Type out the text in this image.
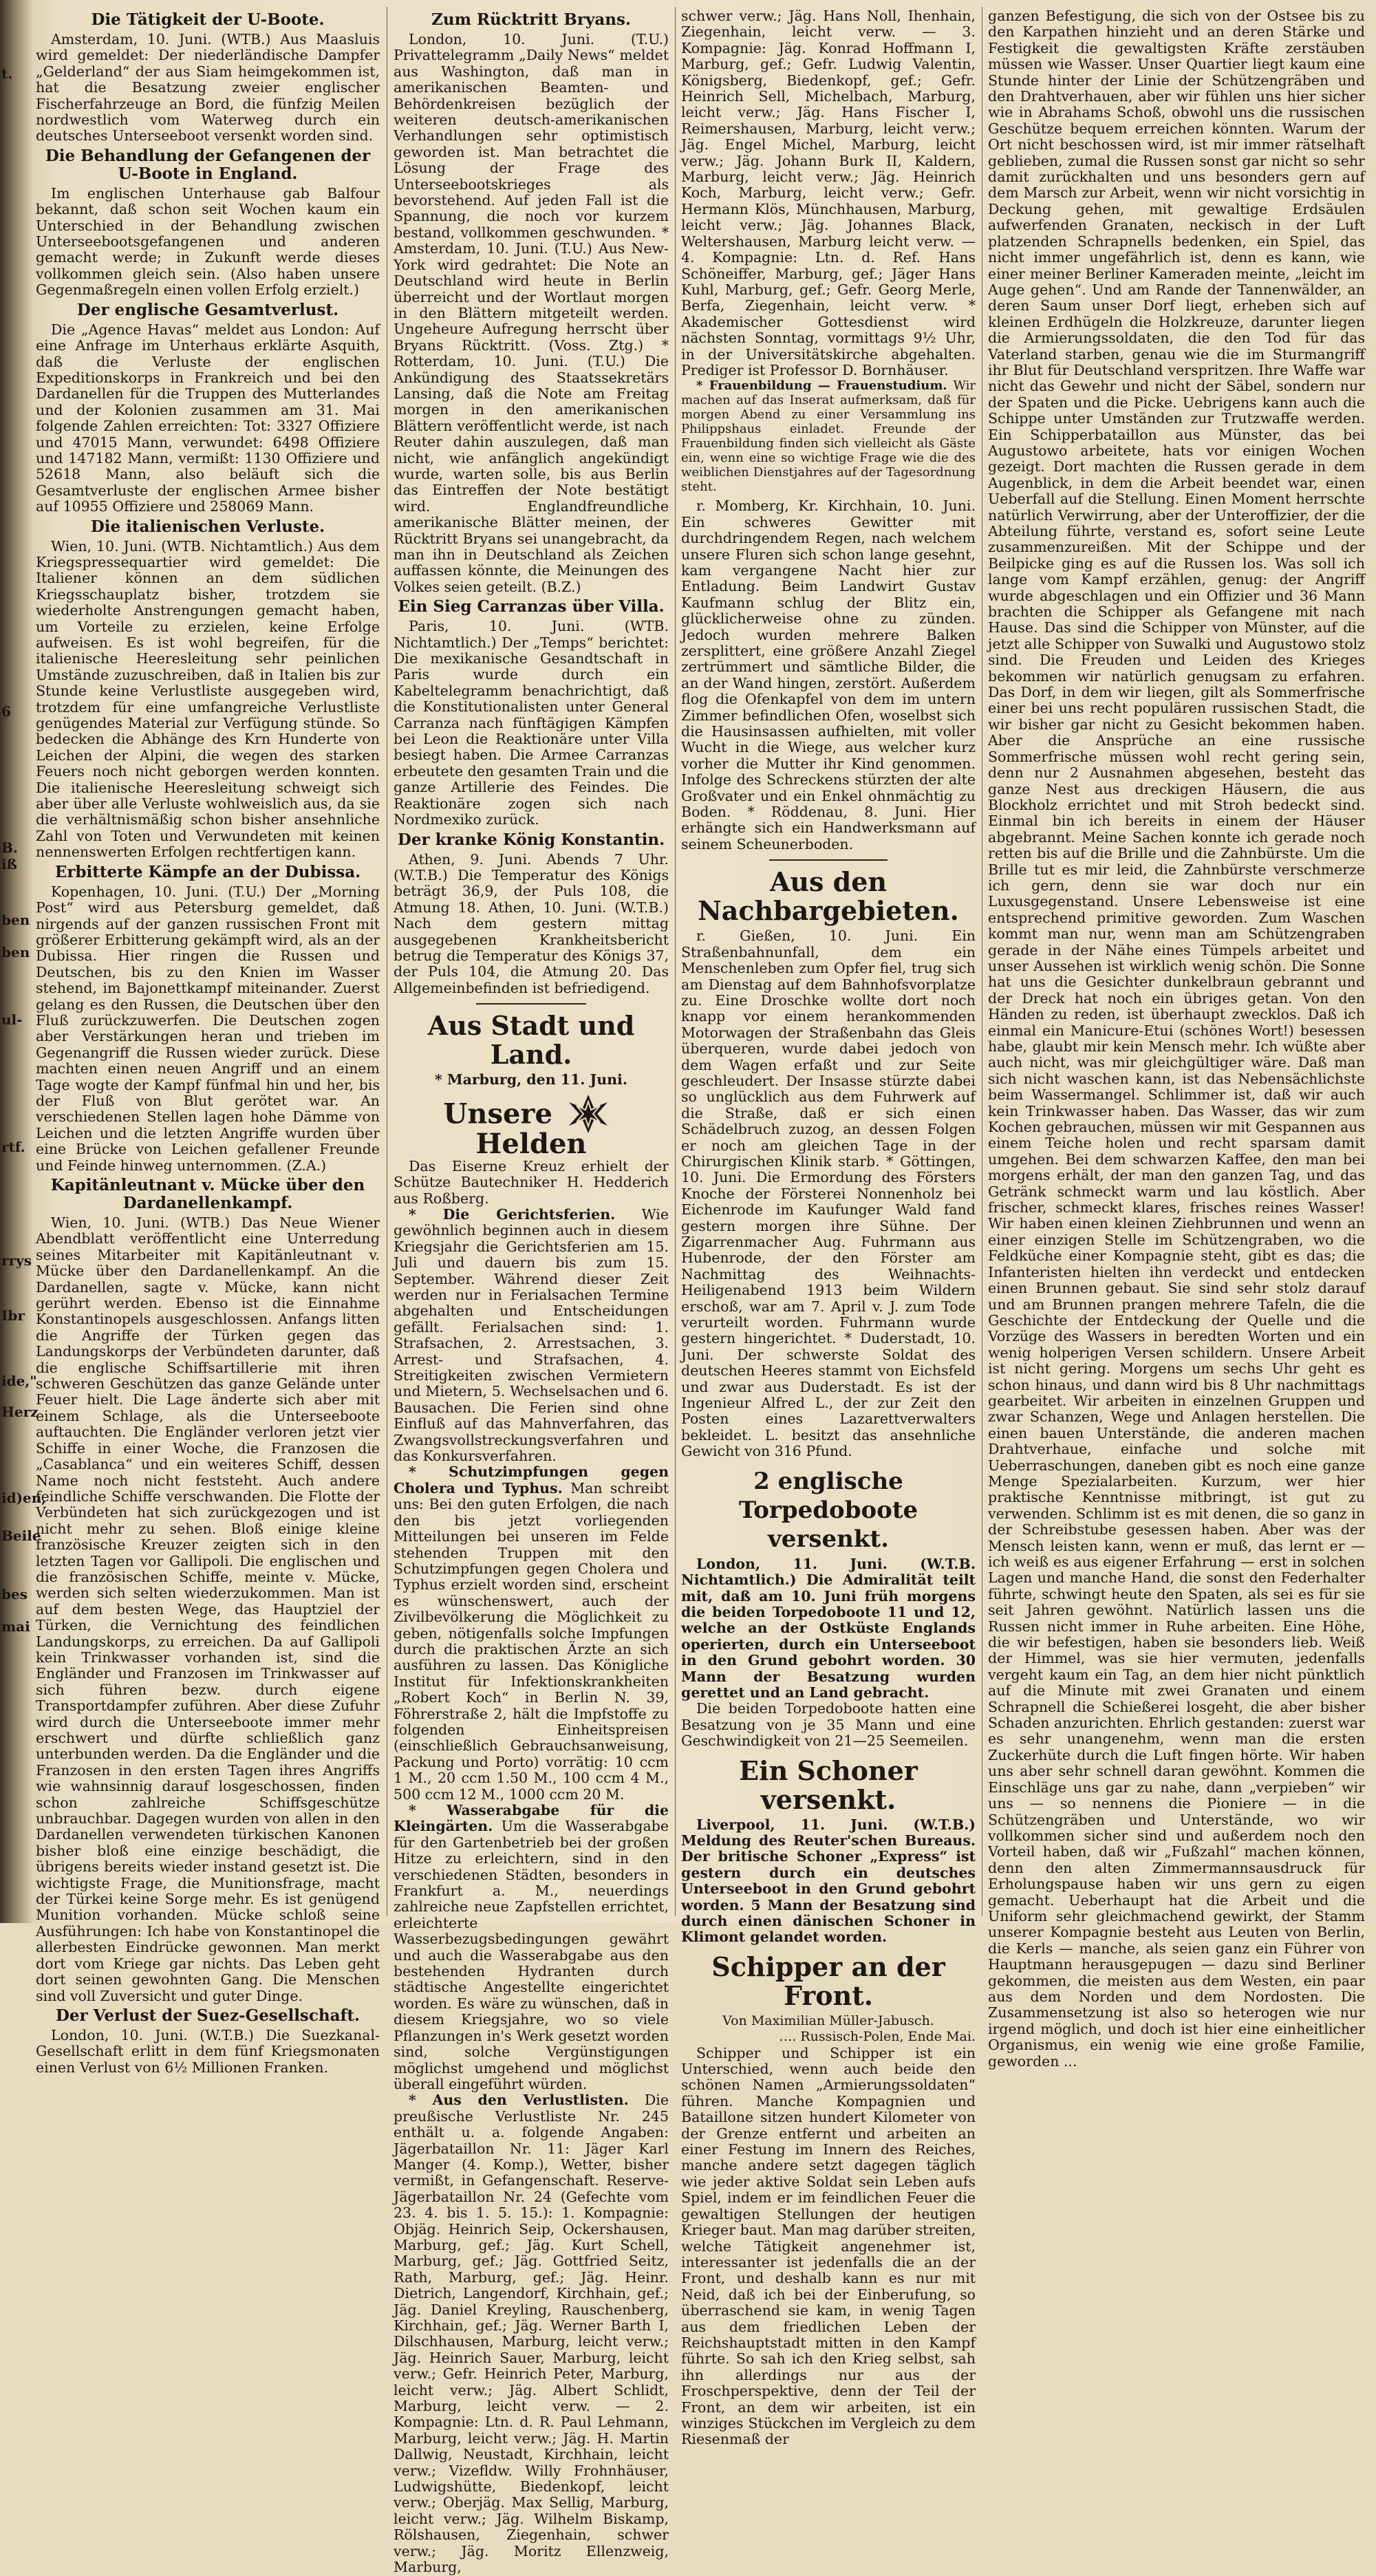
t.
6
B.
iß
ben
ben
ul-
rtf.
rrys
Ibr
ide,"
Herz
id)en,
Beile
bes
mai
Die Tätigkeit der U-Boote.

Amsterdam, 10. Juni. (WTB.) Aus Maasluis wird gemeldet: Der niederländische Dampfer „Gelderland“ der aus Siam heimgekommen ist, hat die Besatzung zweier englischer Fischerfahrzeuge an Bord, die fünfzig Meilen nordwestlich vom Waterweg durch ein deutsches Unterseeboot versenkt worden sind.

Die Behandlung der Gefangenen der U-Boote in England.

Im englischen Unterhause gab Balfour bekannt, daß schon seit Wochen kaum ein Unterschied in der Behandlung zwischen Unterseebootsgefangenen und anderen gemacht werde; in Zukunft werde dieses vollkommen gleich sein. (Also haben unsere Gegenmaßregeln einen vollen Erfolg erzielt.)

Der englische Gesamtverlust.

Die „Agence Havas“ meldet aus London: Auf eine Anfrage im Unterhaus erklärte Asquith, daß die Verluste der englischen Expeditionskorps in Frankreich und bei den Dardanellen für die Truppen des Mutterlandes und der Kolonien zusammen am 31. Mai folgende Zahlen erreichten: Tot: 3327 Offiziere und 47015 Mann, verwundet: 6498 Offiziere und 147182 Mann, vermißt: 1130 Offiziere und 52618 Mann, also beläuft sich die Gesamtverluste der englischen Armee bisher auf 10955 Offiziere und 258069 Mann.

Die italienischen Verluste.

Wien, 10. Juni. (WTB. Nichtamtlich.) Aus dem Kriegspressequartier wird gemeldet: Die Italiener können an dem südlichen Kriegsschauplatz bisher, trotzdem sie wiederholte Anstrengungen gemacht haben, um Vorteile zu erzielen, keine Erfolge aufweisen. Es ist wohl begreifen, für die italienische Heeresleitung sehr peinlichen Umstände zuzuschreiben, daß in Italien bis zur Stunde keine Verlustliste ausgegeben wird, trotzdem für eine umfangreiche Verlustliste genügendes Material zur Verfügung stünde. So bedecken die Abhänge des Krn Hunderte von Leichen der Alpini, die wegen des starken Feuers noch nicht geborgen werden konnten. Die italienische Heeresleitung schweigt sich aber über alle Verluste wohlweislich aus, da sie die verhältnismäßig schon bisher ansehnliche Zahl von Toten und Verwundeten mit keinen nennenswerten Erfolgen rechtfertigen kann.

Erbitterte Kämpfe an der Dubissa.

Kopenhagen, 10. Juni. (T.U.) Der „Morning Post“ wird aus Petersburg gemeldet, daß nirgends auf der ganzen russischen Front mit größerer Erbitterung gekämpft wird, als an der Dubissa. Hier ringen die Russen und Deutschen, bis zu den Knien im Wasser stehend, im Bajonettkampf miteinander. Zuerst gelang es den Russen, die Deutschen über den Fluß zurückzuwerfen. Die Deutschen zogen aber Verstärkungen heran und trieben im Gegenangriff die Russen wieder zurück. Diese machten einen neuen Angriff und an einem Tage wogte der Kampf fünfmal hin und her, bis der Fluß von Blut gerötet war. An verschiedenen Stellen lagen hohe Dämme von Leichen und die letzten Angriffe wurden über eine Brücke von Leichen gefallener Freunde und Feinde hinweg unternommen. (Z.A.)

Kapitänleutnant v. Mücke über den Dardanellenkampf.

Wien, 10. Juni. (WTB.) Das Neue Wiener Abendblatt veröffentlicht eine Unterredung seines Mitarbeiter mit Kapitänleutnant v. Mücke über den Dardanellenkampf. An die Dardanellen, sagte v. Mücke, kann nicht gerührt werden. Ebenso ist die Einnahme Konstantinopels ausgeschlossen. Anfangs litten die Angriffe der Türken gegen das Landungskorps der Verbündeten darunter, daß die englische Schiffsartillerie mit ihren schweren Geschützen das ganze Gelände unter Feuer hielt. Die Lage änderte sich aber mit einem Schlage, als die Unterseeboote auftauchten. Die Engländer verloren jetzt vier Schiffe in einer Woche, die Franzosen die „Casablanca“ und ein weiteres Schiff, dessen Name noch nicht feststeht. Auch andere feindliche Schiffe verschwanden. Die Flotte der Verbündeten hat sich zurückgezogen und ist nicht mehr zu sehen. Bloß einige kleine französische Kreuzer zeigten sich in den letzten Tagen vor Gallipoli. Die englischen und die französischen Schiffe, meinte v. Mücke, werden sich selten wiederzukommen. Man ist auf dem besten Wege, das Hauptziel der Türken, die Vernichtung des feindlichen Landungskorps, zu erreichen. Da auf Gallipoli kein Trinkwasser vorhanden ist, sind die Engländer und Franzosen im Trinkwasser auf sich führen bezw. durch eigene Transportdampfer zuführen. Aber diese Zufuhr wird durch die Unterseeboote immer mehr erschwert und dürfte schließlich ganz unterbunden werden. Da die Engländer und die Franzosen in den ersten Tagen ihres Angriffs wie wahnsinnig darauf losgeschossen, finden schon zahlreiche Schiffsgeschütze unbrauchbar. Dagegen wurden von allen in den Dardanellen verwendeten türkischen Kanonen bisher bloß eine einzige beschädigt, die übrigens bereits wieder instand gesetzt ist. Die wichtigste Frage, die Munitionsfrage, macht der Türkei keine Sorge mehr. Es ist genügend Munition vorhanden. Mücke schloß seine Ausführungen: Ich habe von Konstantinopel die allerbesten Eindrücke gewonnen. Man merkt dort vom Kriege gar nichts. Das Leben geht dort seinen gewohnten Gang. Die Menschen sind voll Zuversicht und guter Dinge.

Der Verlust der Suez-Gesellschaft.

London, 10. Juni. (W.T.B.) Die Suezkanal-Gesellschaft erlitt in dem fünf Kriegsmonaten einen Verlust von 6½ Millionen Franken.

Zum Rücktritt Bryans.

London, 10. Juni. (T.U.) Privattelegramm „Daily News“ meldet aus Washington, daß man in amerikanischen Beamten- und Behördenkreisen bezüglich der weiteren deutsch-amerikanischen Verhandlungen sehr optimistisch geworden ist. Man betrachtet die Lösung der Frage des Unterseebootskrieges als bevorstehend. Auf jeden Fall ist die Spannung, die noch vor kurzem bestand, vollkommen geschwunden. * Amsterdam, 10. Juni. (T.U.) Aus New-York wird gedrahtet: Die Note an Deutschland wird heute in Berlin überreicht und der Wortlaut morgen in den Blättern mitgeteilt werden. Ungeheure Aufregung herrscht über Bryans Rücktritt. (Voss. Ztg.) * Rotterdam, 10. Juni. (T.U.) Die Ankündigung des Staatssekretärs Lansing, daß die Note am Freitag morgen in den amerikanischen Blättern veröffentlicht werde, ist nach Reuter dahin auszulegen, daß man nicht, wie anfänglich angekündigt wurde, warten solle, bis aus Berlin das Eintreffen der Note bestätigt wird. Englandfreundliche amerikanische Blätter meinen, der Rücktritt Bryans sei unangebracht, da man ihn in Deutschland als Zeichen auffassen könnte, die Meinungen des Volkes seien geteilt. (B.Z.)

Ein Sieg Carranzas über Villa.

Paris, 10. Juni. (WTB. Nichtamtlich.) Der „Temps“ berichtet: Die mexikanische Gesandtschaft in Paris wurde durch ein Kabeltelegramm benachrichtigt, daß die Konstitutionalisten unter General Carranza nach fünftägigen Kämpfen bei Leon die Reaktionäre unter Villa besiegt haben. Die Armee Carranzas erbeutete den gesamten Train und die ganze Artillerie des Feindes. Die Reaktionäre zogen sich nach Nordmexiko zurück.

Der kranke König Konstantin.

Athen, 9. Juni. Abends 7 Uhr. (W.T.B.) Die Temperatur des Königs beträgt 36,9, der Puls 108, die Atmung 18. Athen, 10. Juni. (W.T.B.) Nach dem gestern mittag ausgegebenen Krankheitsbericht betrug die Temperatur des Königs 37, der Puls 104, die Atmung 20. Das Allgemeinbefinden ist befriedigend.

Aus Stadt und Land.

* Marburg, den 11. Juni.

Unsere  Helden

Das Eiserne Kreuz erhielt der Schütze Bautechniker H. Hedderich aus Roßberg.

* Die Gerichtsferien. Wie gewöhnlich beginnen auch in diesem Kriegsjahr die Gerichtsferien am 15. Juli und dauern bis zum 15. September. Während dieser Zeit werden nur in Ferialsachen Termine abgehalten und Entscheidungen gefällt. Ferialsachen sind: 1. Strafsachen, 2. Arrestsachen, 3. Arrest- und Strafsachen, 4. Streitigkeiten zwischen Vermietern und Mietern, 5. Wechselsachen und 6. Bausachen. Die Ferien sind ohne Einfluß auf das Mahnverfahren, das Zwangsvollstreckungsverfahren und das Konkursverfahren.

* Schutzimpfungen gegen Cholera und Typhus. Man schreibt uns: Bei den guten Erfolgen, die nach den bis jetzt vorliegenden Mitteilungen bei unseren im Felde stehenden Truppen mit den Schutzimpfungen gegen Cholera und Typhus erzielt worden sind, erscheint es wünschenswert, auch der Zivilbevölkerung die Möglichkeit zu geben, nötigenfalls solche Impfungen durch die praktischen Ärzte an sich ausführen zu lassen. Das Königliche Institut für Infektionskrankheiten „Robert Koch“ in Berlin N. 39, Föhrerstraße 2, hält die Impfstoffe zu folgenden Einheitspreisen (einschließlich Gebrauchsanweisung, Packung und Porto) vorrätig: 10 ccm 1 M., 20 ccm 1.50 M., 100 ccm 4 M., 500 ccm 12 M., 1000 ccm 20 M.

* Wasserabgabe für die Kleingärten. Um die Wasserabgabe für den Gartenbetrieb bei der großen Hitze zu erleichtern, sind in den verschiedenen Städten, besonders in Frankfurt a. M., neuerdings zahlreiche neue Zapfstellen errichtet, erleichterte Wasserbezugsbedingungen gewährt und auch die Wasserabgabe aus den bestehenden Hydranten durch städtische Angestellte eingerichtet worden. Es wäre zu wünschen, daß in diesem Kriegsjahre, wo so viele Pflanzungen in's Werk gesetzt worden sind, solche Vergünstigungen möglichst umgehend und möglichst überall eingeführt würden.

* Aus den Verlustlisten. Die preußische Verlustliste Nr. 245 enthält u. a. folgende Angaben: Jägerbataillon Nr. 11: Jäger Karl Manger (4. Komp.), Wetter, bisher vermißt, in Gefangenschaft. Reserve-Jägerbataillon Nr. 24 (Gefechte vom 23. 4. bis 1. 5. 15.): 1. Kompagnie: Objäg. Heinrich Seip, Ockershausen, Marburg, gef.; Jäg. Kurt Schell, Marburg, gef.; Jäg. Gottfried Seitz, Rath, Marburg, gef.; Jäg. Heinr. Dietrich, Langendorf, Kirchhain, gef.; Jäg. Daniel Kreyling, Rauschenberg, Kirchhain, gef.; Jäg. Werner Barth I, Dilschhausen, Marburg, leicht verw.; Jäg. Heinrich Sauer, Marburg, leicht verw.; Gefr. Heinrich Peter, Marburg, leicht verw.; Jäg. Albert Schlidt, Marburg, leicht verw. — 2. Kompagnie: Ltn. d. R. Paul Lehmann, Marburg, leicht verw.; Jäg. H. Martin Dallwig, Neustadt, Kirchhain, leicht verw.; Vizefldw. Willy Frohnhäuser, Ludwigshütte, Biedenkopf, leicht verw.; Oberjäg. Max Sellig, Marburg, leicht verw.; Jäg. Wilhelm Biskamp, Rölshausen, Ziegenhain, schwer verw.; Jäg. Moritz Ellenzweig, Marburg,

schwer verw.; Jäg. Hans Noll, Ihenhain, Ziegenhain, leicht verw. — 3. Kompagnie: Jäg. Konrad Hoffmann I, Marburg, gef.; Gefr. Ludwig Valentin, Königsberg, Biedenkopf, gef.; Gefr. Heinrich Sell, Michelbach, Marburg, leicht verw.; Jäg. Hans Fischer I, Reimershausen, Marburg, leicht verw.; Jäg. Engel Michel, Marburg, leicht verw.; Jäg. Johann Burk II, Kaldern, Marburg, leicht verw.; Jäg. Heinrich Koch, Marburg, leicht verw.; Gefr. Hermann Klös, Münchhausen, Marburg, leicht verw.; Jäg. Johannes Black, Weltershausen, Marburg leicht verw. — 4. Kompagnie: Ltn. d. Ref. Hans Schöneiffer, Marburg, gef.; Jäger Hans Kuhl, Marburg, gef.; Gefr. Georg Merle, Berfa, Ziegenhain, leicht verw. * Akademischer Gottesdienst wird nächsten Sonntag, vormittags 9½ Uhr, in der Universitätskirche abgehalten. Prediger ist Professor D. Bornhäuser.

* Frauenbildung — Frauenstudium. Wir machen auf das Inserat aufmerksam, daß für morgen Abend zu einer Versammlung ins Philippshaus einladet. Freunde der Frauenbildung finden sich vielleicht als Gäste ein, wenn eine so wichtige Frage wie die des weiblichen Dienstjahres auf der Tagesordnung steht.

r. Momberg, Kr. Kirchhain, 10. Juni. Ein schweres Gewitter mit durchdringendem Regen, nach welchem unsere Fluren sich schon lange gesehnt, kam vergangene Nacht hier zur Entladung. Beim Landwirt Gustav Kaufmann schlug der Blitz ein, glücklicherweise ohne zu zünden. Jedoch wurden mehrere Balken zersplittert, eine größere Anzahl Ziegel zertrümmert und sämtliche Bilder, die an der Wand hingen, zerstört. Außerdem flog die Ofenkapfel von dem im untern Zimmer befindlichen Ofen, woselbst sich die Hausinsassen aufhielten, mit voller Wucht in die Wiege, aus welcher kurz vorher die Mutter ihr Kind genommen. Infolge des Schreckens stürzten der alte Großvater und ein Enkel ohnmächtig zu Boden. * Röddenau, 8. Juni. Hier erhängte sich ein Handwerksmann auf seinem Scheunerboden.

Aus den Nachbargebieten.

r. Gießen, 10. Juni. Ein Straßenbahnunfall, dem ein Menschenleben zum Opfer fiel, trug sich am Dienstag auf dem Bahnhofsvorplatze zu. Eine Droschke wollte dort noch knapp vor einem herankommenden Motorwagen der Straßenbahn das Gleis überqueren, wurde dabei jedoch von dem Wagen erfaßt und zur Seite geschleudert. Der Insasse stürzte dabei so unglücklich aus dem Fuhrwerk auf die Straße, daß er sich einen Schädelbruch zuzog, an dessen Folgen er noch am gleichen Tage in der Chirurgischen Klinik starb. * Göttingen, 10. Juni. Die Ermordung des Försters Knoche der Försterei Nonnenholz bei Eichenrode im Kaufunger Wald fand gestern morgen ihre Sühne. Der Zigarrenmacher Aug. Fuhrmann aus Hubenrode, der den Förster am Nachmittag des Weihnachts-Heiligenabend 1913 beim Wildern erschoß, war am 7. April v. J. zum Tode verurteilt worden. Fuhrmann wurde gestern hingerichtet. * Duderstadt, 10. Juni. Der schwerste Soldat des deutschen Heeres stammt von Eichsfeld und zwar aus Duderstadt. Es ist der Ingenieur Alfred L., der zur Zeit den Posten eines Lazarettverwalters bekleidet. L. besitzt das ansehnliche Gewicht von 316 Pfund.

2 englische Torpedoboote versenkt.

London, 11. Juni. (W.T.B. Nichtamtlich.) Die Admiralität teilt mit, daß am 10. Juni früh morgens die beiden Torpedoboote 11 und 12, welche an der Ostküste Englands operierten, durch ein Unterseeboot in den Grund gebohrt worden. 30 Mann der Besatzung wurden gerettet und an Land gebracht.

Die beiden Torpedoboote hatten eine Besatzung von je 35 Mann und eine Geschwindigkeit von 21—25 Seemeilen.

Ein Schoner versenkt.

Liverpool, 11. Juni. (W.T.B.) Meldung des Reuter'schen Bureaus. Der britische Schoner „Express“ ist gestern durch ein deutsches Unterseeboot in den Grund gebohrt worden. 5 Mann der Besatzung sind durch einen dänischen Schoner in Klimont gelandet worden.

Schipper an der Front.

Von Maximilian Müller-Jabusch.

…. Russisch-Polen, Ende Mai.

Schipper und Schipper ist ein Unterschied, wenn auch beide den schönen Namen „Armierungssoldaten“ führen. Manche Kompagnien und Bataillone sitzen hundert Kilometer von der Grenze entfernt und arbeiten an einer Festung im Innern des Reiches, manche andere setzt dagegen täglich wie jeder aktive Soldat sein Leben aufs Spiel, indem er im feindlichen Feuer die gewaltigen Stellungen der heutigen Krieger baut. Man mag darüber streiten, welche Tätigkeit angenehmer ist, interessanter ist jedenfalls die an der Front, und deshalb kann es nur mit Neid, daß ich bei der Einberufung, so überraschend sie kam, in wenig Tagen aus dem friedlichen Leben der Reichshauptstadt mitten in den Kampf führte. So sah ich den Krieg selbst, sah ihn allerdings nur aus der Froschperspektive, denn der Teil der Front, an dem wir arbeiten, ist ein winziges Stückchen im Vergleich zu dem Riesenmaß der

ganzen Befestigung, die sich von der Ostsee bis zu den Karpathen hinzieht und an deren Stärke und Festigkeit die gewaltigsten Kräfte zerstäuben müssen wie Wasser. Unser Quartier liegt kaum eine Stunde hinter der Linie der Schützengräben und den Drahtverhauen, aber wir fühlen uns hier sicher wie in Abrahams Schoß, obwohl uns die russischen Geschütze bequem erreichen könnten. Warum der Ort nicht beschossen wird, ist mir immer rätselhaft geblieben, zumal die Russen sonst gar nicht so sehr damit zurückhalten und uns besonders gern auf dem Marsch zur Arbeit, wenn wir nicht vorsichtig in Deckung gehen, mit gewaltige Erdsäulen aufwerfenden Granaten, neckisch in der Luft platzenden Schrapnells bedenken, ein Spiel, das nicht immer ungefährlich ist, denn es kann, wie einer meiner Berliner Kameraden meinte, „leicht im Auge gehen“. Und am Rande der Tannenwälder, an deren Saum unser Dorf liegt, erheben sich auf kleinen Erdhügeln die Holzkreuze, darunter liegen die Armierungssoldaten, die den Tod für das Vaterland starben, genau wie die im Sturmangriff ihr Blut für Deutschland verspritzen. Ihre Waffe war nicht das Gewehr und nicht der Säbel, sondern nur der Spaten und die Picke. Uebrigens kann auch die Schippe unter Umständen zur Trutzwaffe werden. Ein Schipperbataillon aus Münster, das bei Augustowo arbeitete, hats vor einigen Wochen gezeigt. Dort machten die Russen gerade in dem Augenblick, in dem die Arbeit beendet war, einen Ueberfall auf die Stellung. Einen Moment herrschte natürlich Verwirrung, aber der Unteroffizier, der die Abteilung führte, verstand es, sofort seine Leute zusammenzureißen. Mit der Schippe und der Beilpicke ging es auf die Russen los. Was soll ich lange vom Kampf erzählen, genug: der Angriff wurde abgeschlagen und ein Offizier und 36 Mann brachten die Schipper als Gefangene mit nach Hause. Das sind die Schipper von Münster, auf die jetzt alle Schipper von Suwalki und Augustowo stolz sind. Die Freuden und Leiden des Krieges bekommen wir natürlich genugsam zu erfahren. Das Dorf, in dem wir liegen, gilt als Sommerfrische einer bei uns recht populären russischen Stadt, die wir bisher gar nicht zu Gesicht bekommen haben. Aber die Ansprüche an eine russische Sommerfrische müssen wohl recht gering sein, denn nur 2 Ausnahmen abgesehen, besteht das ganze Nest aus dreckigen Häusern, die aus Blockholz errichtet und mit Stroh bedeckt sind. Einmal bin ich bereits in einem der Häuser abgebrannt. Meine Sachen konnte ich gerade noch retten bis auf die Brille und die Zahnbürste. Um die Brille tut es mir leid, die Zahnbürste verschmerze ich gern, denn sie war doch nur ein Luxusgegenstand. Unsere Lebensweise ist eine entsprechend primitive geworden. Zum Waschen kommt man nur, wenn man am Schützengraben gerade in der Nähe eines Tümpels arbeitet und unser Aussehen ist wirklich wenig schön. Die Sonne hat uns die Gesichter dunkelbraun gebrannt und der Dreck hat noch ein übriges getan. Von den Händen zu reden, ist überhaupt zwecklos. Daß ich einmal ein Manicure-Etui (schönes Wort!) besessen habe, glaubt mir kein Mensch mehr. Ich wüßte aber auch nicht, was mir gleichgültiger wäre. Daß man sich nicht waschen kann, ist das Nebensächlichste beim Wassermangel. Schlimmer ist, daß wir auch kein Trinkwasser haben. Das Wasser, das wir zum Kochen gebrauchen, müssen wir mit Gespannen aus einem Teiche holen und recht sparsam damit umgehen. Bei dem schwarzen Kaffee, den man bei morgens erhält, der man den ganzen Tag, und das Getränk schmeckt warm und lau köstlich. Aber frischer, schmeckt klares, frisches reines Wasser! Wir haben einen kleinen Ziehbrunnen und wenn an einer einzigen Stelle im Schützengraben, wo die Feldküche einer Kompagnie steht, gibt es das; die Infanteristen hielten ihn verdeckt und entdecken einen Brunnen gebaut. Sie sind sehr stolz darauf und am Brunnen prangen mehrere Tafeln, die die Geschichte der Entdeckung der Quelle und die Vorzüge des Wassers in beredten Worten und ein wenig holperigen Versen schildern. Unsere Arbeit ist nicht gering. Morgens um sechs Uhr geht es schon hinaus, und dann wird bis 8 Uhr nachmittags gearbeitet. Wir arbeiten in einzelnen Gruppen und zwar Schanzen, Wege und Anlagen herstellen. Die einen bauen Unterstände, die anderen machen Drahtverhaue, einfache und solche mit Ueberraschungen, daneben gibt es noch eine ganze Menge Spezialarbeiten. Kurzum, wer hier praktische Kenntnisse mitbringt, ist gut zu verwenden. Schlimm ist es mit denen, die so ganz in der Schreibstube gesessen haben. Aber was der Mensch leisten kann, wenn er muß, das lernt er — ich weiß es aus eigener Erfahrung — erst in solchen Lagen und manche Hand, die sonst den Federhalter führte, schwingt heute den Spaten, als sei es für sie seit Jahren gewöhnt. Natürlich lassen uns die Russen nicht immer in Ruhe arbeiten. Eine Höhe, die wir befestigen, haben sie besonders lieb. Weiß der Himmel, was sie hier vermuten, jedenfalls vergeht kaum ein Tag, an dem hier nicht pünktlich auf die Minute mit zwei Granaten und einem Schrapnell die Schießerei losgeht, die aber bisher Schaden anzurichten. Ehrlich gestanden: zuerst war es sehr unangenehm, wenn man die ersten Zuckerhüte durch die Luft fingen hörte. Wir haben uns aber sehr schnell daran gewöhnt. Kommen die Einschläge uns gar zu nahe, dann „verpieben“ wir uns — so nennens die Pioniere — in die Schützengräben und Unterstände, wo wir vollkommen sicher sind und außerdem noch den Vorteil haben, daß wir „Fußzahl“ machen können, denn den alten Zimmermannsausdruck für Erholungspause haben wir uns gern zu eigen gemacht. Ueberhaupt hat die Arbeit und die Uniform sehr gleichmachend gewirkt, der Stamm unserer Kompagnie besteht aus Leuten von Berlin, die Kerls — manche, als seien ganz ein Führer von Hauptmann herausgepugen — dazu sind Berliner gekommen, die meisten aus dem Westen, ein paar aus dem Norden und dem Nordosten. Die Zusammensetzung ist also so heterogen wie nur irgend möglich, und doch ist hier eine einheitlicher Organismus, ein wenig wie eine große Familie, geworden ...
